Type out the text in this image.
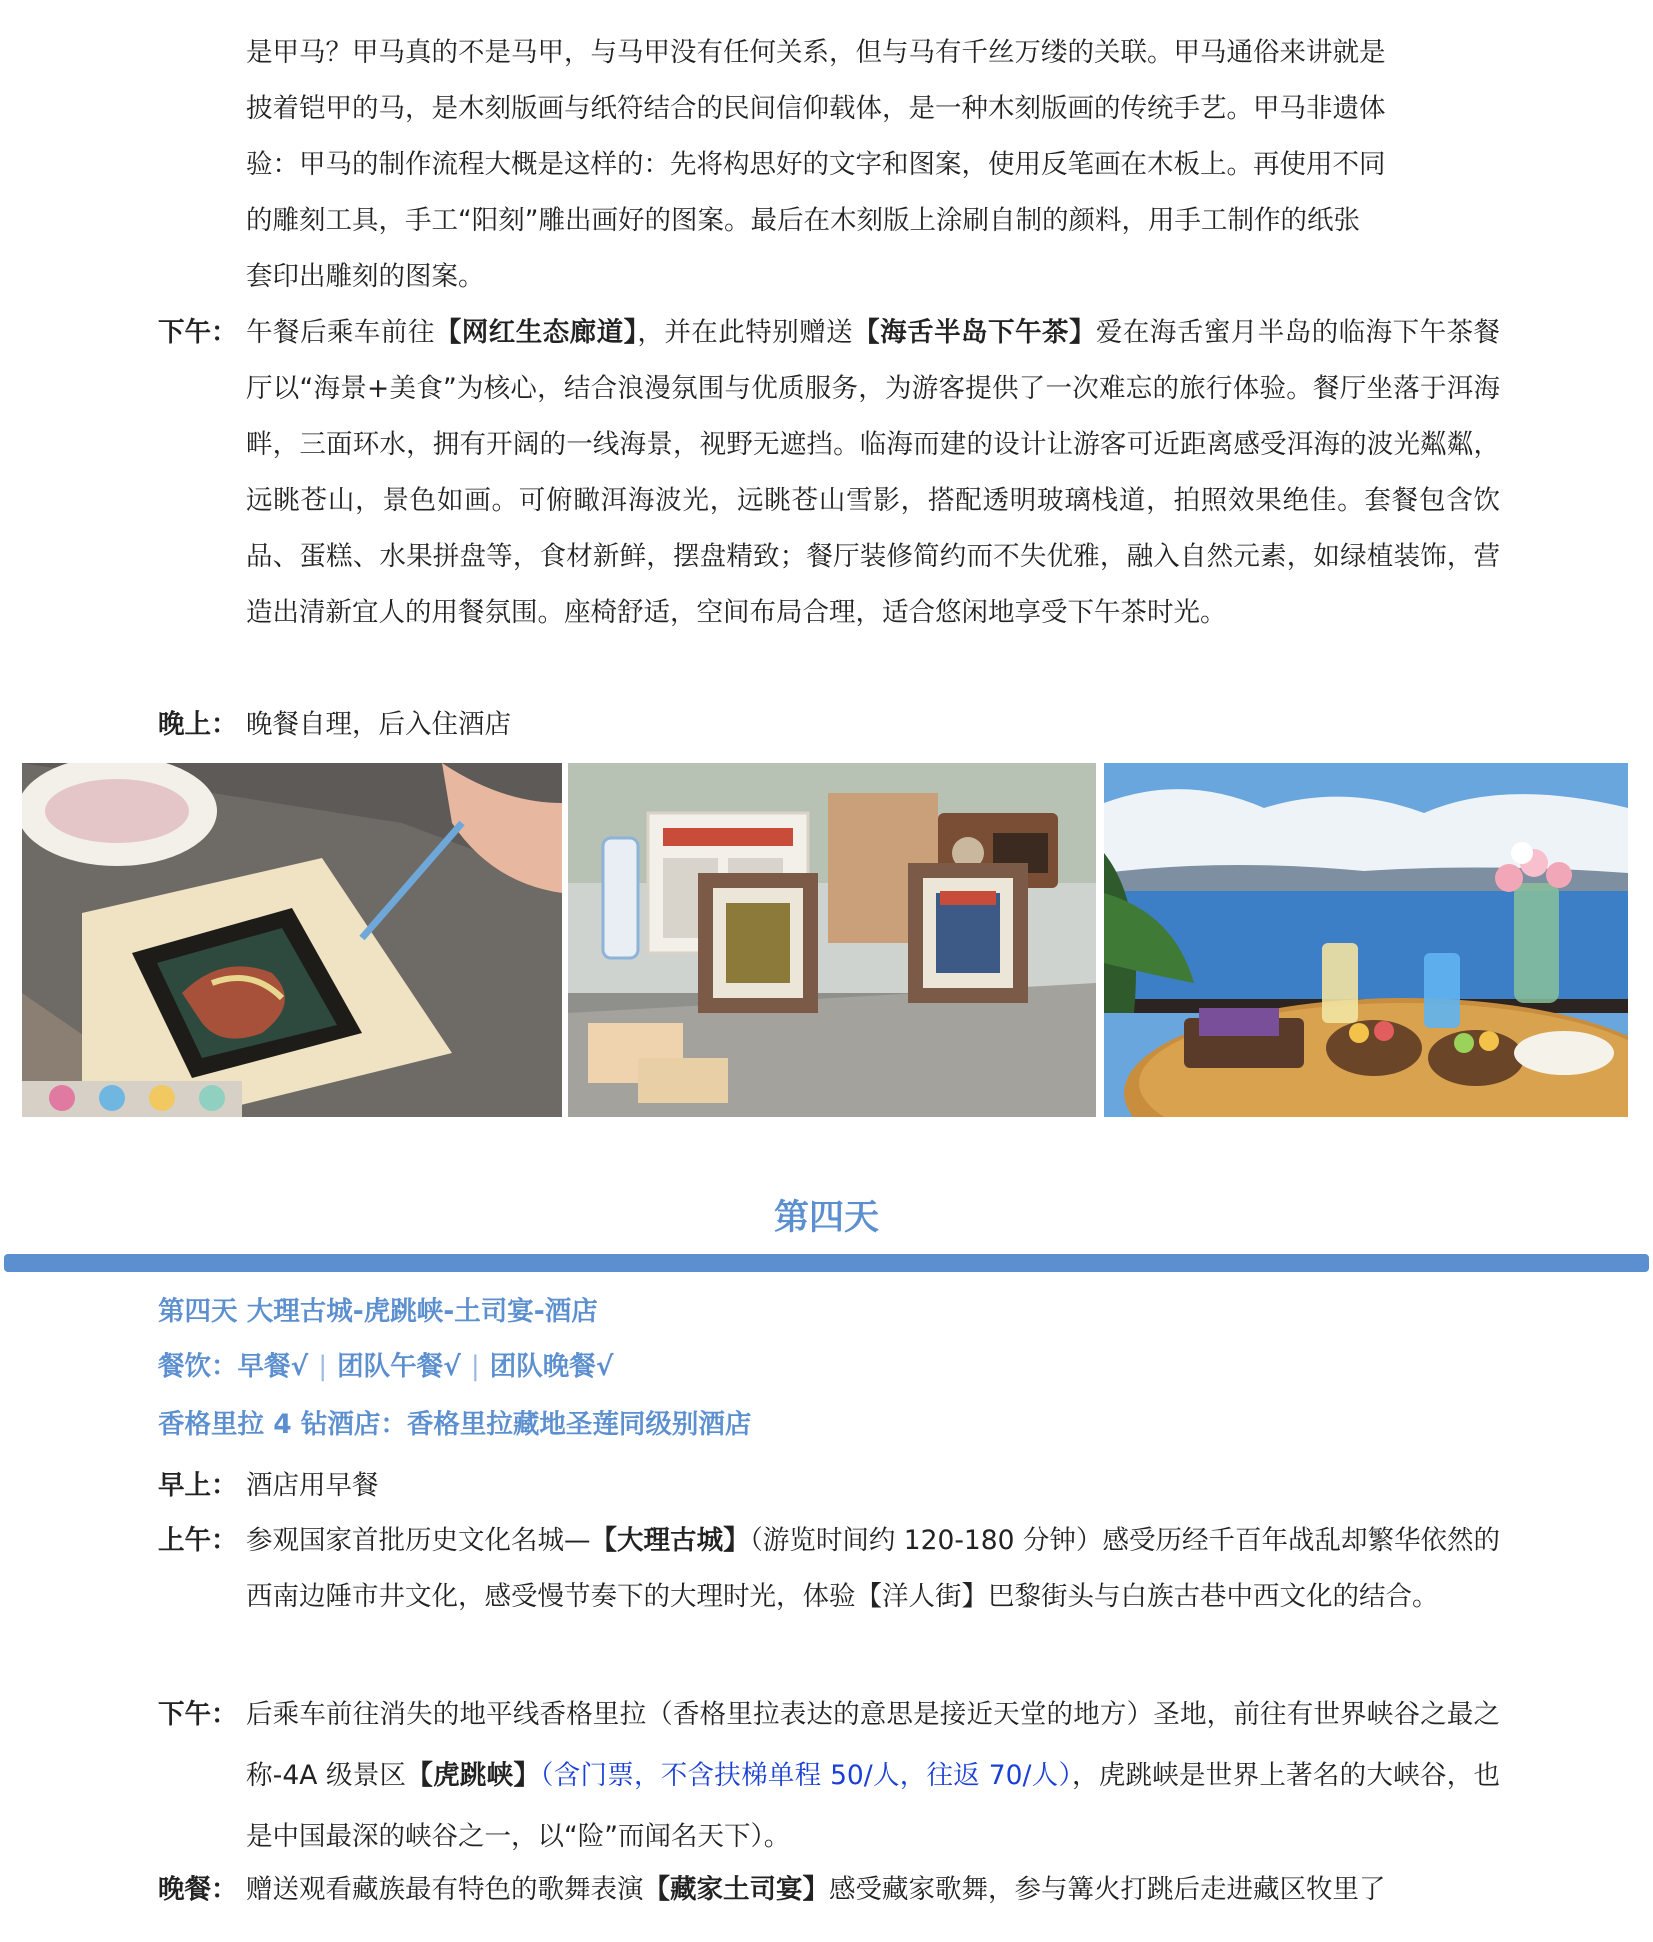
是甲马？甲马真的不是马甲，与马甲没有任何关系，但与马有千丝万缕的关联。甲马通俗来讲就是
披着铠甲的马，是木刻版画与纸符结合的民间信仰载体，是一种木刻版画的传统手艺。甲马非遗体
验：甲马的制作流程大概是这样的：先将构思好的文字和图案，使用反笔画在木板上。再使用不同
的雕刻工具，手工“阳刻”雕出画好的图案。最后在木刻版上涂刷自制的颜料，用手工制作的纸张
套印出雕刻的图案。
下午： 午餐后乘车前往【网红生态廊道】，并在此特别赠送【海舌半岛下午茶】爱在海舌蜜月半岛的临海下午茶餐厅以“海景+美食”为核心，结合浪漫氛围与优质服务，为游客提供了一次难忘的旅行体验。餐厅坐落于洱海畔，三面环水，拥有开阔的一线海景，视野无遮挡。临海而建的设计让游客可近距离感受洱海的波光粼粼，远眺苍山，景色如画。可俯瞰洱海波光，远眺苍山雪影，搭配透明玻璃栈道，拍照效果绝佳。套餐包含饮品、蛋糕、水果拼盘等，食材新鲜，摆盘精致；餐厅装修简约而不失优雅，融入自然元素，如绿植装饰，营造出清新宜人的用餐氛围。座椅舒适，空间布局合理，适合悠闲地享受下午茶时光。
晚上： 晚餐自理，后入住酒店
第四天
第四天 大理古城-虎跳峡-土司宴-酒店
餐饮：早餐√ | 团队午餐√ | 团队晚餐√
香格里拉 4 钻酒店：香格里拉藏地圣莲同级别酒店
早上： 酒店用早餐
上午： 参观国家首批历史文化名城—【大理古城】（游览时间约 120-180 分钟）感受历经千百年战乱却繁华依然的西南边陲市井文化，感受慢节奏下的大理时光，体验【洋人街】巴黎街头与白族古巷中西文化的结合。
下午： 后乘车前往消失的地平线香格里拉（香格里拉表达的意思是接近天堂的地方）圣地，前往有世界峡谷之最之称-4A 级景区【虎跳峡】（含门票，不含扶梯单程 50/人，往返 70/人），虎跳峡是世界上著名的大峡谷，也是中国最深的峡谷之一，以“险”而闻名天下）。
晚餐： 赠送观看藏族最有特色的歌舞表演【藏家土司宴】感受藏家歌舞，参与篝火打跳后走进藏区牧里了
